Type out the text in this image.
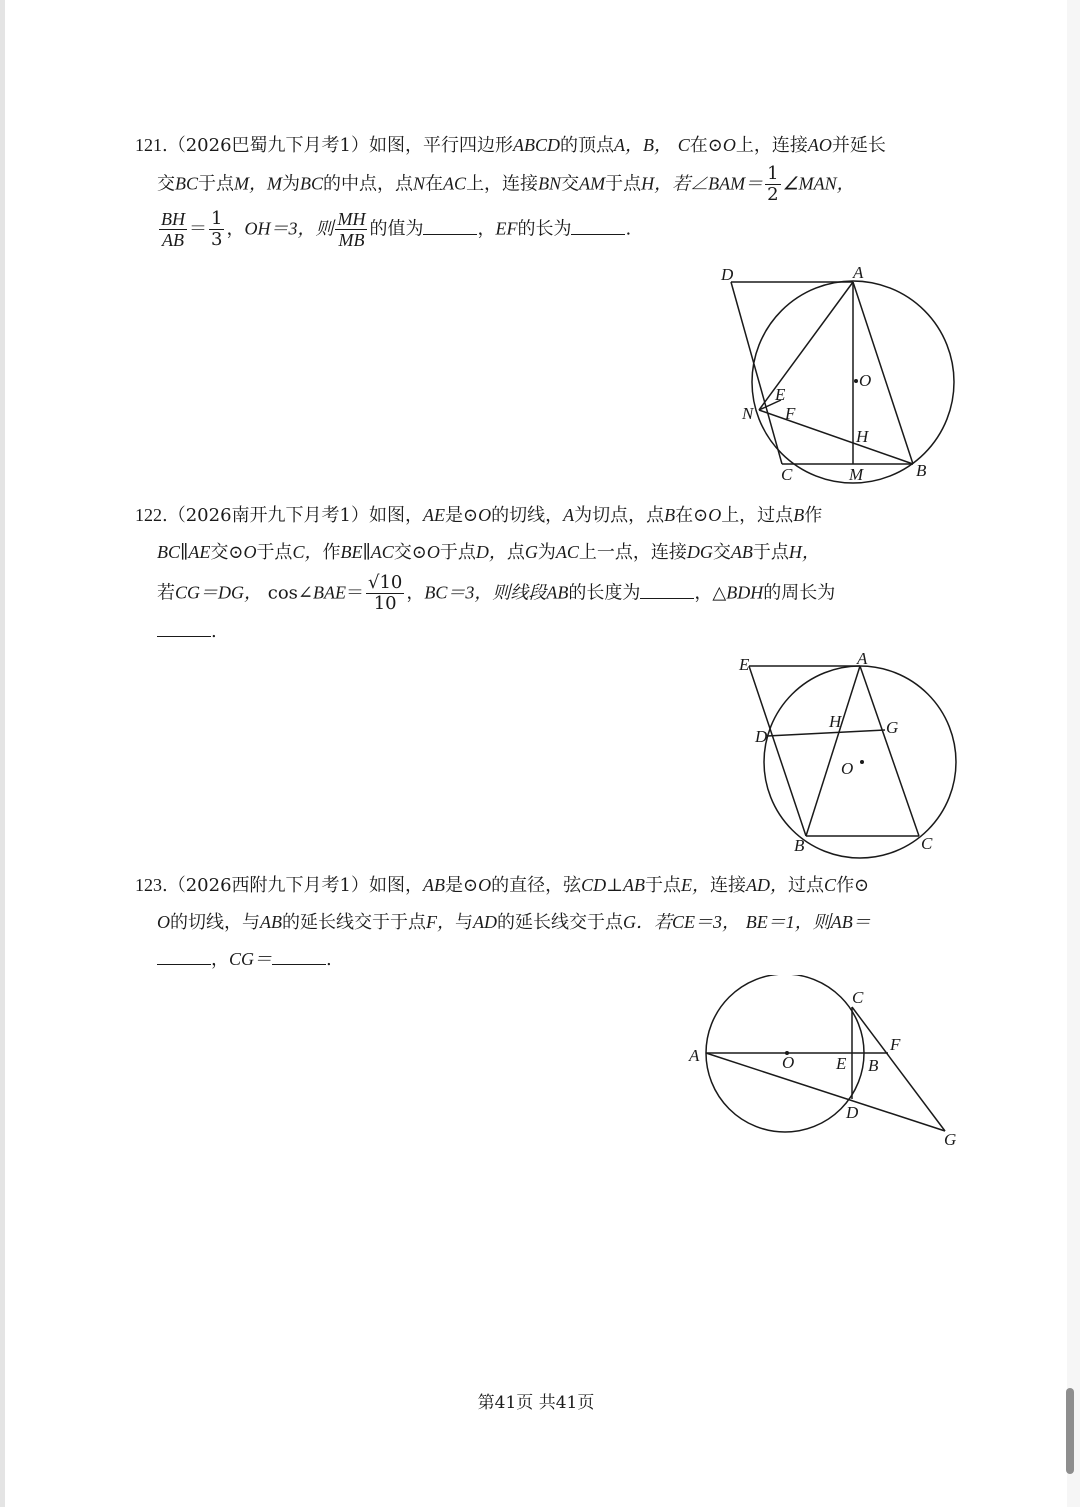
121.（2026巴蜀九下月考1）如图，平行四边形ABCD的顶点A，B， C在⊙O上，连接AO并延长
交BC于点M，M为BC的中点，点N在AC上，连接BN交AM于点H，若∠BAM＝ $\frac{1}{2}$ ∠MAN，
$\frac{BH}{AB} = \frac{1}{3}$ ，OH＝3，则 $\frac{MH}{MB}$ 的值为	，EF的长为	.
D	A
O
E
N F
H
C	M	B
122.（2026南开九下月考1）如图，AE是⊙O的切线，A为切点，点B在⊙O上，过点B作
BC∥AE交⊙O于点C，作BE∥AC交⊙O于点D，点G为AC上一点，连接DG交AB于点H，
若CG＝DG， cos∠BAE＝ $\frac{√10}{10}$ ，BC＝3，则线段AB的长度为	，△BDH的周长为
.
E	A
H	G
D
O
B	C
123.（2026西附九下月考1）如图，AB是⊙O的直径，弦CD⊥AB于点E，连接AD，过点C作⊙
O的切线，与AB的延长线交于于点F，与AD的延长线交于点G．若CE＝3， BE＝1，则AB＝
，CG＝	.
C
F
A	O E B
D
G
第41页 共41页
